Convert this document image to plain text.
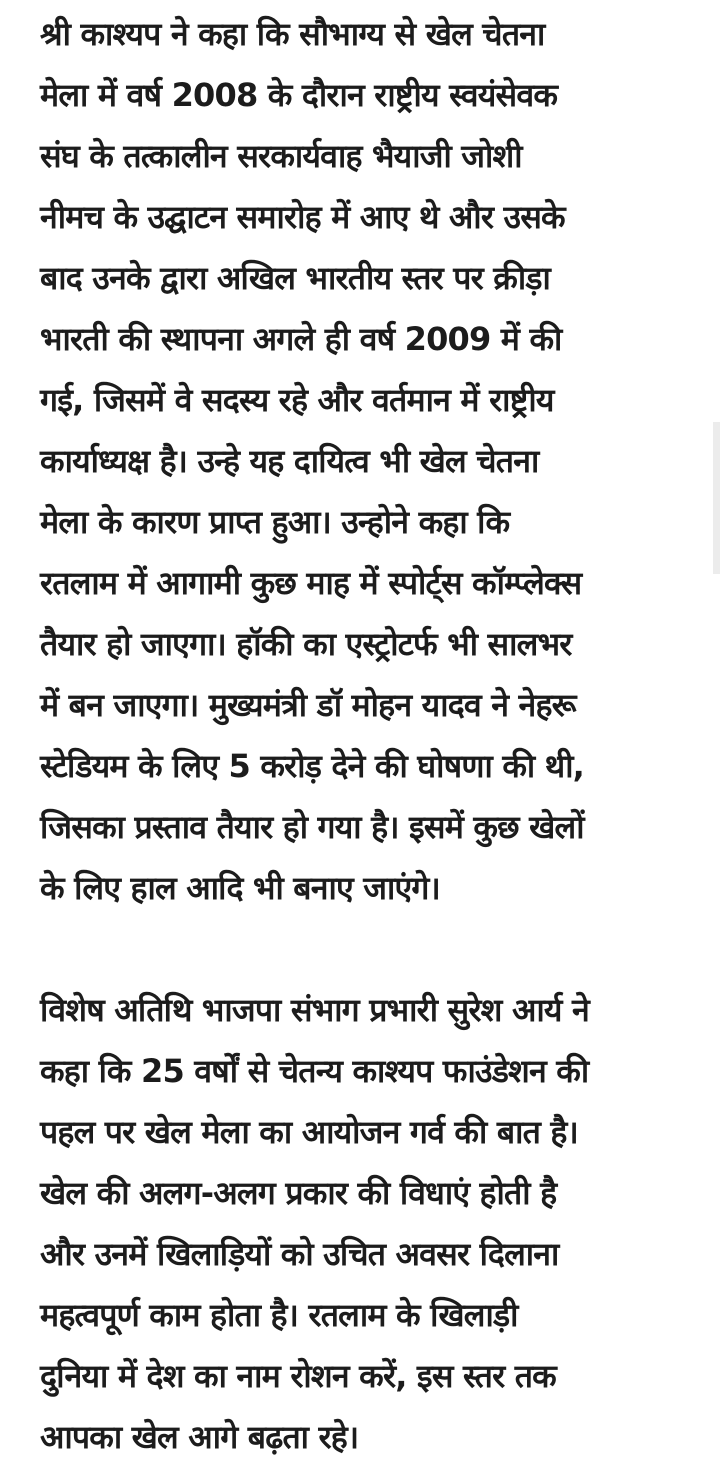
श्री काश्यप ने कहा कि सौभाग्य से खेल चेतना
मेला में वर्ष 2008 के दौरान राष्ट्रीय स्वयंसेवक
संघ के तत्कालीन सरकार्यवाह भैयाजी जोशी
नीमच के उद्घाटन समारोह में आए थे और उसके
बाद उनके द्वारा अखिल भारतीय स्तर पर क्रीड़ा
भारती की स्थापना अगले ही वर्ष 2009 में की
गई, जिसमें वे सदस्य रहे और वर्तमान में राष्ट्रीय
कार्याध्यक्ष है। उन्हे यह दायित्व भी खेल चेतना
मेला के कारण प्राप्त हुआ। उन्होने कहा कि
रतलाम में आगामी कुछ माह में स्पोर्ट्स कॉम्प्लेक्स
तैयार हो जाएगा। हॉकी का एस्ट्रोटर्फ भी सालभर
में बन जाएगा। मुख्यमंत्री डॉ मोहन यादव ने नेहरू
स्टेडियम के लिए 5 करोड़ देने की घोषणा की थी,
जिसका प्रस्ताव तैयार हो गया है। इसमें कुछ खेलों
के लिए हाल आदि भी बनाए जाएंगे।

विशेष अतिथि भाजपा संभाग प्रभारी सुरेश आर्य ने
कहा कि 25 वर्षों से चेतन्य काश्यप फाउंडेशन की
पहल पर खेल मेला का आयोजन गर्व की बात है।
खेल की अलग-अलग प्रकार की विधाएं होती है
और उनमें खिलाड़ियों को उचित अवसर दिलाना
महत्वपूर्ण काम होता है। रतलाम के खिलाड़ी
दुनिया में देश का नाम रोशन करें, इस स्तर तक
आपका खेल आगे बढ़ता रहे।
